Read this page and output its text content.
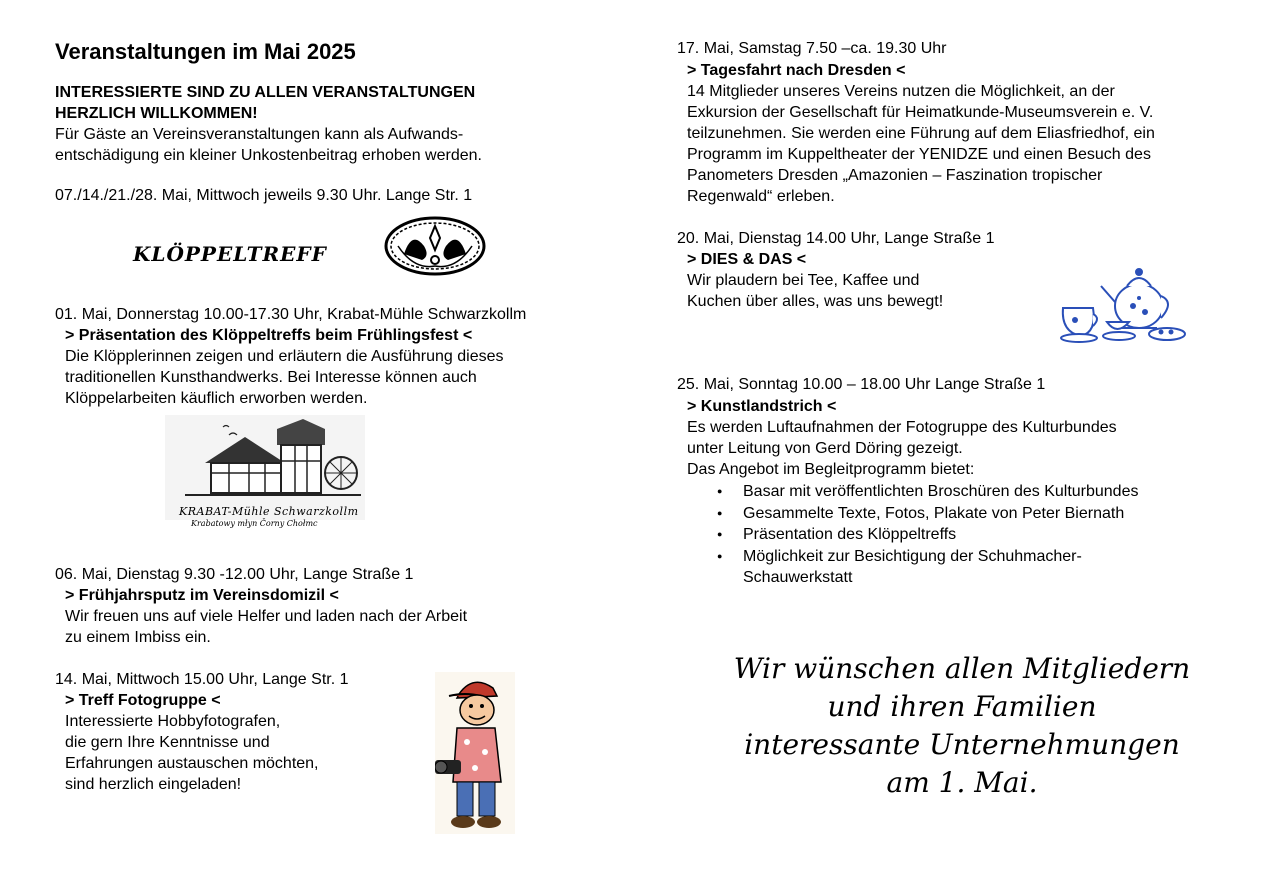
Veranstaltungen im Mai 2025
INTERESSIERTE SIND ZU ALLEN VERANSTALTUNGEN
HERZLICH WILLKOMMEN!
Für Gäste an Vereinsveranstaltungen kann als Aufwands-
entschädigung ein kleiner Unkostenbeitrag erhoben werden.
07./14./21./28. Mai, Mittwoch jeweils 9.30 Uhr. Lange Str. 1
KLÖPPELTREFF
01. Mai, Donnerstag 10.00-17.30 Uhr, Krabat-Mühle Schwarzkollm
> Präsentation des Klöppeltreffs beim Frühlingsfest <
Die Klöpplerinnen zeigen und erläutern die Ausführung dieses
traditionellen Kunsthandwerks. Bei Interesse können auch
Klöppelarbeiten käuflich erworben werden.
KRABAT-Mühle Schwarzkollm
Krabatowy młyn Čorny Chołmc
06. Mai, Dienstag 9.30 -12.00 Uhr, Lange Straße 1
> Frühjahrsputz im Vereinsdomizil <
Wir freuen uns auf viele Helfer und laden nach der Arbeit
zu einem Imbiss ein.
14. Mai, Mittwoch 15.00 Uhr, Lange Str. 1
> Treff Fotogruppe <
Interessierte Hobbyfotografen,
die gern Ihre Kenntnisse und
Erfahrungen austauschen möchten,
sind herzlich eingeladen!
17. Mai, Samstag 7.50 –ca. 19.30 Uhr
> Tagesfahrt nach Dresden <
14 Mitglieder unseres Vereins nutzen die Möglichkeit, an der
Exkursion der Gesellschaft für Heimatkunde-Museumsverein e. V.
teilzunehmen. Sie werden eine Führung auf dem Eliasfriedhof, ein
Programm im Kuppeltheater der YENIDZE und einen Besuch des
Panometers Dresden „Amazonien – Faszination tropischer
Regenwald“ erleben.
20. Mai, Dienstag 14.00 Uhr, Lange Straße 1
> DIES & DAS <
Wir plaudern bei Tee, Kaffee und
Kuchen über alles, was uns bewegt!
25. Mai, Sonntag 10.00 – 18.00 Uhr Lange Straße 1
> Kunstlandstrich <
Es werden Luftaufnahmen der Fotogruppe des Kulturbundes
unter Leitung von Gerd Döring gezeigt.
Das Angebot im Begleitprogramm bietet:
● Basar mit veröffentlichten Broschüren des Kulturbundes
● Gesammelte Texte, Fotos, Plakate von Peter Biernath
● Präsentation des Klöppeltreffs
● Möglichkeit zur Besichtigung der Schuhmacher-
Schauwerkstatt
Wir wünschen allen Mitgliedern
und ihren Familien
interessante Unternehmungen
am 1. Mai.
